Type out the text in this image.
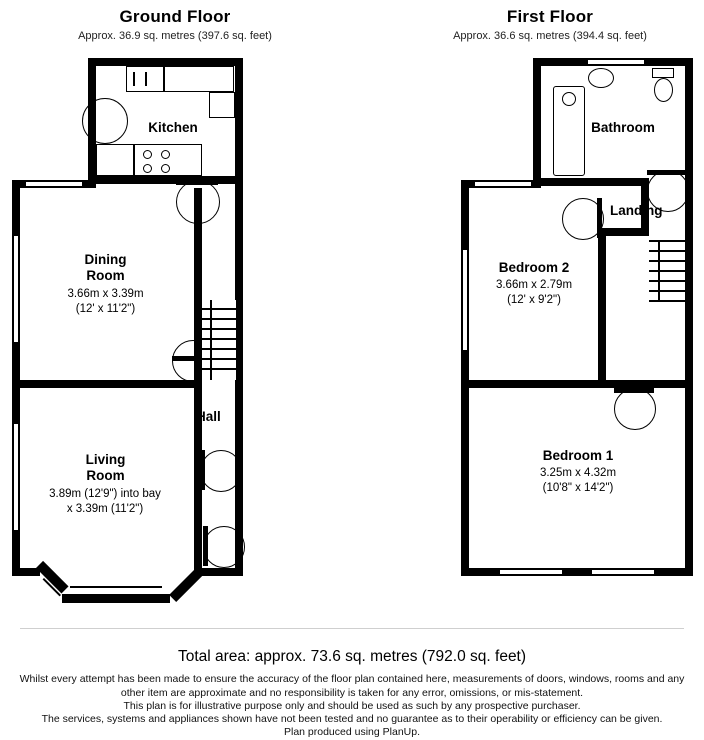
Ground Floor
Approx. 36.9 sq. metres (397.6 sq. feet)
First Floor
Approx. 36.6 sq. metres (394.4 sq. feet)
Kitchen
Dining
Room
3.66m x 3.39m
(12' x 11'2")
Hall
Living
Room
3.89m (12'9") into bay
x 3.39m (11'2")
Bathroom
Landing
Bedroom 2
3.66m x 2.79m
(12' x 9'2")
Bedroom 1
3.25m x 4.32m
(10'8" x 14'2")
Total area: approx. 73.6 sq. metres (792.0 sq. feet)
Whilst every attempt has been made to ensure the accuracy of the floor plan contained here, measurements of doors, windows, rooms and any
other item are approximate and no responsibility is taken for any error, omissions, or mis-statement.
This plan is for illustrative purpose only and should be used as such by any prospective purchaser.
The services, systems and appliances shown have not been tested and no guarantee as to their operability or efficiency can be given.
Plan produced using PlanUp.
